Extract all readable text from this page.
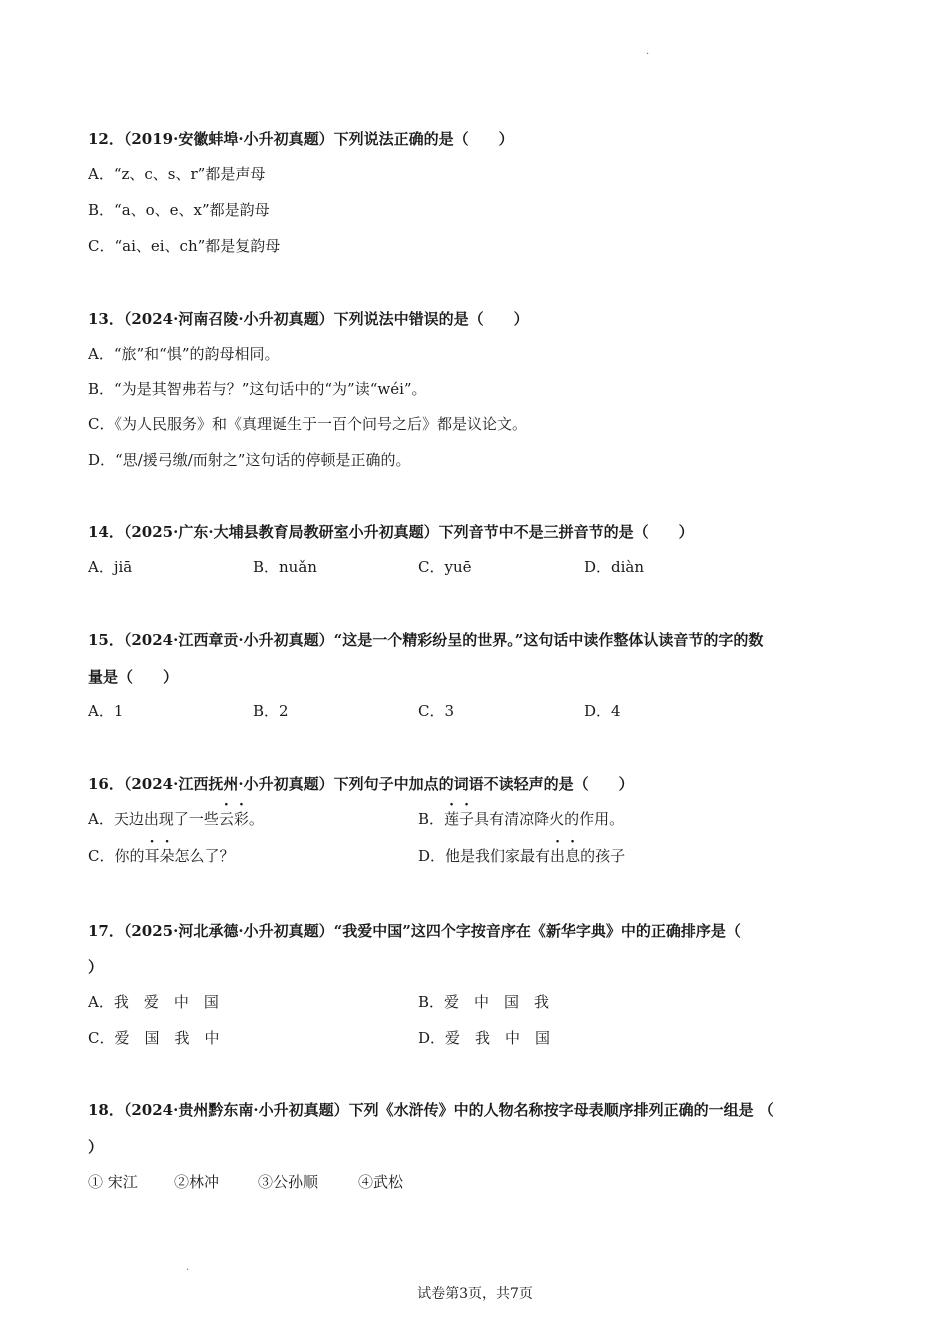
.
.
12．（2019·安徽蚌埠·小升初真题）下列说法正确的是（　　）
A．“z、c、s、r”都是声母
B．“a、o、e、x”都是韵母
C．“ai、ei、ch”都是复韵母
13．（2024·河南召陵·小升初真题）下列说法中错误的是（　　）
A．“旅”和“惧”的韵母相同。
B．“为是其智弗若与？”这句话中的“为”读“wéi”。
C．《为人民服务》和《真理诞生于一百个问号之后》都是议论文。
D．“思/援弓缴/而射之”这句话的停顿是正确的。
14．（2025·广东·大埔县教育局教研室小升初真题）下列音节中不是三拼音节的是（　　）
A．jiā	B．nuǎn	C．yuē	D．diàn
15．（2024·江西章贡·小升初真题）“这是一个精彩纷呈的世界。”这句话中读作整体认读音节的字的数
量是（　　）
A．1	B．2	C．3	D．4
16．（2024·江西抚州·小升初真题）下列句子中加点的词语不读轻声的是（　　）
A．天边出现了一些云彩。	B．莲子具有清凉降火的作用。
C．你的耳朵怎么了？	D．他是我们家最有出息的孩子
17．（2025·河北承德·小升初真题）“我爱中国”这四个字按音序在《新华字典》中的正确排序是（
）
A．我　爱　中　国	B．爱　中　国　我
C．爱　国　我　中	D．爱　我　中　国
18．（2024·贵州黔东南·小升初真题）下列《水浒传》中的人物名称按字母表顺序排列正确的一组是 （
）
① 宋江 ②林冲	③公孙顺	④武松
试卷第3页，共7页
